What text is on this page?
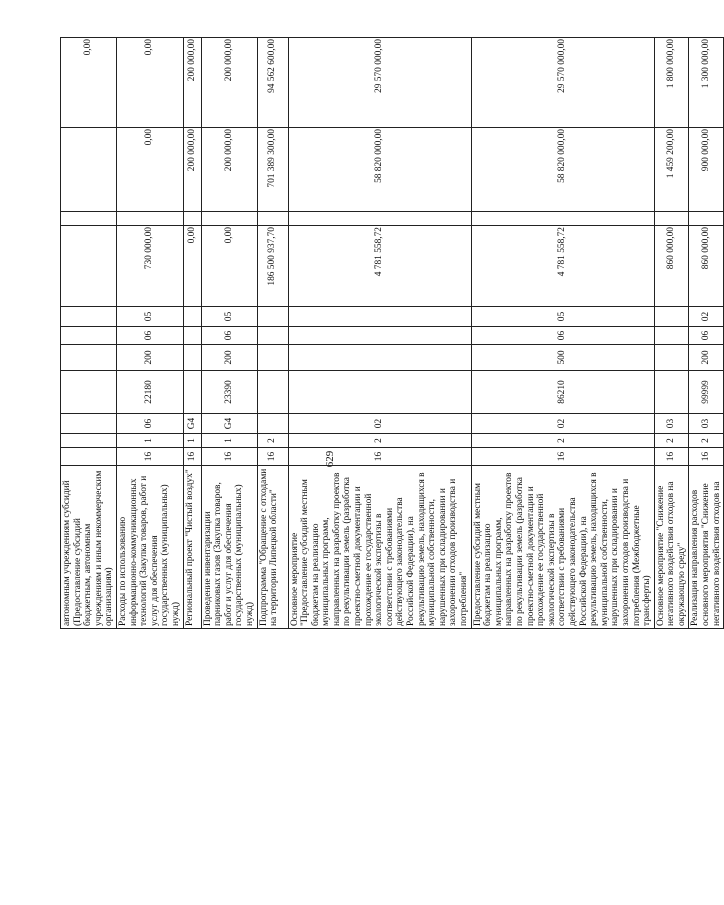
629
автономным учреждениям субсидий (Предоставление субсидий бюджетным, автономным учреждениям и иным некоммерческим организациям)											0,00
Расходы по использованию информационно-коммуникационных технологий (Закупка товаров, работ и услуг для обеспечения государственных (муниципальных) нужд)	16	1	06	22180	200	06	05	730 000,00		0,00	0,00
Региональный проект "Чистый воздух"	16	1	G4					0,00		200 000,00	200 000,00
Проведение инвентаризации парниковых газов (Закупка товаров, работ и услуг для обеспечения государственных (муниципальных) нужд)	16	1	G4	23390	200	06	05	0,00		200 000,00	200 000,00
Подпрограмма "Обращение с отходами на территории Липецкой области"	16	2						186 500 937,70		701 389 300,00	94 562 600,00
Основное мероприятие "Предоставление субсидий местным бюджетам на реализацию муниципальных программ, направленных на разработку проектов по рекультивации земель (разработка проектно-сметной документации и прохождение ее государственной экологической экспертизы в соответствии с требованиями действующего законодательства Российской Федерации), на рекультивацию земель, находящихся в муниципальной собственности, нарушенных при складировании и захоронении отходов производства и потребления"	16	2	02					4 781 558,72		58 820 000,00	29 570 000,00
Предоставление субсидий местным бюджетам на реализацию муниципальных программ, направленных на разработку проектов по рекультивации земель (разработка проектно-сметной документации и прохождение ее государственной экологической экспертизы в соответствии с требованиями действующего законодательства Российской Федерации), на рекультивацию земель, находящихся в муниципальной собственности, нарушенных при складировании и захоронении отходов производства и потребления (Межбюджетные трансферты)	16	2	02	86210	500	06	05	4 781 558,72		58 820 000,00	29 570 000,00
Основное мероприятие "Снижение негативного воздействия отходов на окружающую среду"	16	2	03					860 000,00		1 459 200,00	1 800 000,00
Реализация направления расходов основного мероприятия "Снижение негативного воздействия отходов на	16	2	03	99999	200	06	02	860 000,00		900 000,00	1 300 000,00
